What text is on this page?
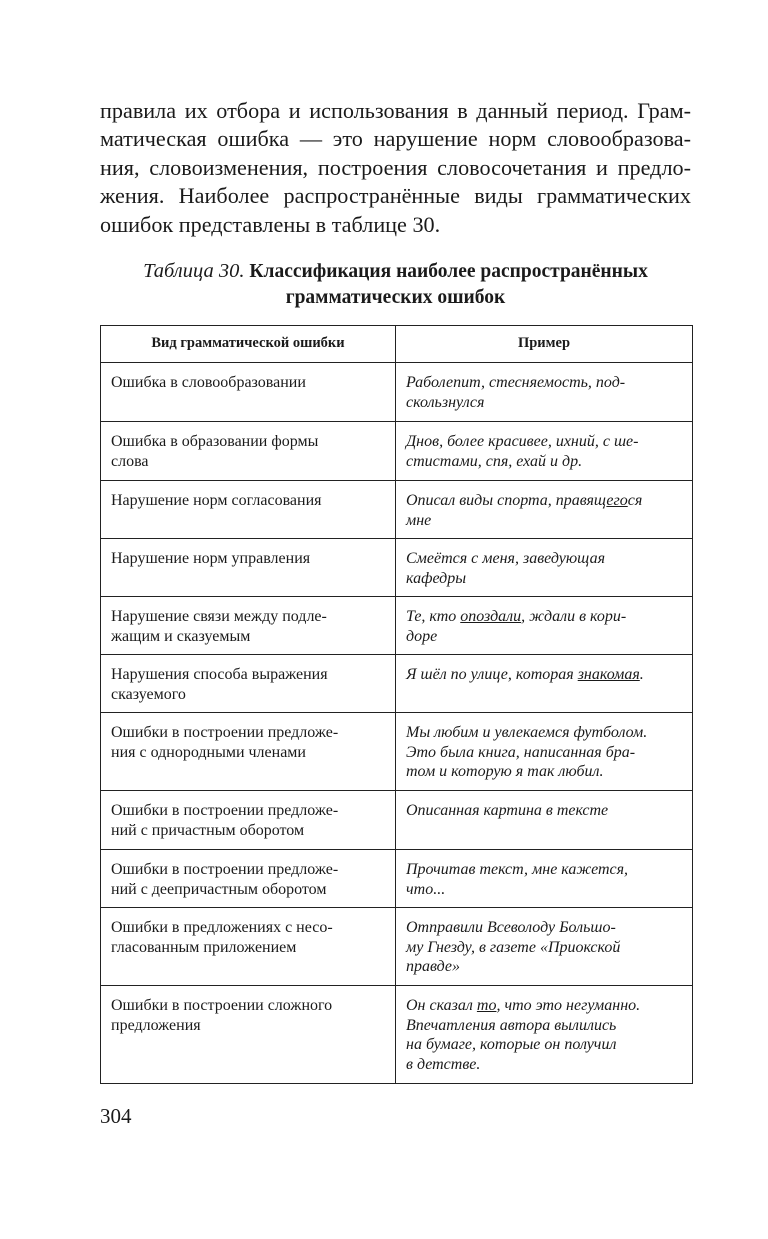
правила их отбора и использования в данный период. Грам-
матическая ошибка — это нарушение норм словообразова-
ния, словоизменения, построения словосочетания и предло-
жения. Наиболее распространённые виды грамматических
ошибок представлены в таблице 30.
Таблица 30. Классификация наиболее распространённых
грамматических ошибок
Вид грамматической ошибки	Пример

Ошибка в словообразовании	Раболепит, стесняемость, под-
скользнулся

Ошибка в образовании формы
слова	Днов, более красивее, ихний, с ше-
стистами, спя, ехай и др.

Нарушение норм согласования	Описал виды спорта, правящегося
мне

Нарушение норм управления	Смеётся с меня, заведующая
кафедры

Нарушение связи между подле-
жащим и сказуемым	Те, кто опоздали, ждали в кори-
доре

Нарушения способа выражения
сказуемого	Я шёл по улице, которая знакомая.

Ошибки в построении предложе-
ния с однородными членами	Мы любим и увлекаемся футболом.
Это была книга, написанная бра-
том и которую я так любил.

Ошибки в построении предложе-
ний с причастным оборотом	Описанная картина в тексте

Ошибки в построении предложе-
ний с деепричастным оборотом	Прочитав текст, мне кажется,
что...

Ошибки в предложениях с несо-
гласованным приложением	Отправили Всеволоду Большо-
му Гнезду, в газете «Приокской
правде»

Ошибки в построении сложного
предложения	Он сказал то, что это негуманно.
Впечатления автора вылились
на бумаге, которые он получил
в детстве.
304
